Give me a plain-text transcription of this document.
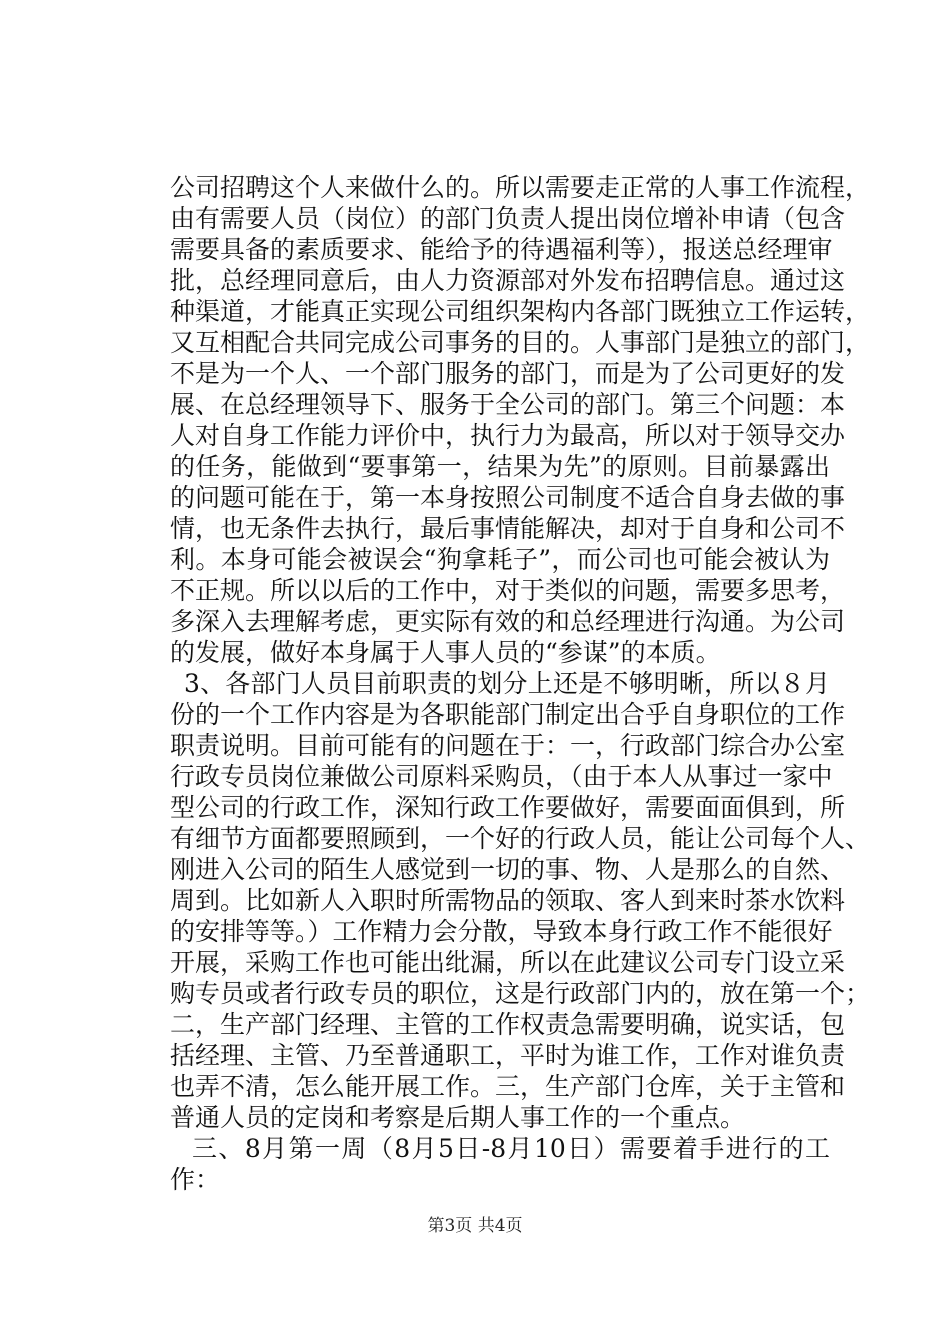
公司招聘这个人来做什么的。所以需要走正常的人事工作流程，
由有需要人员（岗位）的部门负责人提出岗位增补申请（包含
需要具备的素质要求、能给予的待遇福利等），报送总经理审
批，总经理同意后，由人力资源部对外发布招聘信息。通过这
种渠道，才能真正实现公司组织架构内各部门既独立工作运转，
又互相配合共同完成公司事务的目的。人事部门是独立的部门，
不是为一个人、一个部门服务的部门，而是为了公司更好的发
展、在总经理领导下、服务于全公司的部门。第三个问题：本
人对自身工作能力评价中，执行力为最高，所以对于领导交办
的任务，能做到“要事第一，结果为先”的原则。目前暴露出
的问题可能在于，第一本身按照公司制度不适合自身去做的事
情，也无条件去执行，最后事情能解决，却对于自身和公司不
利。本身可能会被误会“狗拿耗子”，而公司也可能会被认为
不正规。所以以后的工作中，对于类似的问题，需要多思考，
多深入去理解考虑，更实际有效的和总经理进行沟通。为公司
的发展，做好本身属于人事人员的“参谋”的本质。
3、各部门人员目前职责的划分上还是不够明晰，所以８月
份的一个工作内容是为各职能部门制定出合乎自身职位的工作
职责说明。目前可能有的问题在于：一，行政部门综合办公室
行政专员岗位兼做公司原料采购员，（由于本人从事过一家中
型公司的行政工作，深知行政工作要做好，需要面面俱到，所
有细节方面都要照顾到，一个好的行政人员，能让公司每个人、
刚进入公司的陌生人感觉到一切的事、物、人是那么的自然、
周到。比如新人入职时所需物品的领取、客人到来时茶水饮料
的安排等等。）工作精力会分散，导致本身行政工作不能很好
开展，采购工作也可能出纰漏，所以在此建议公司专门设立采
购专员或者行政专员的职位，这是行政部门内的，放在第一个；
二，生产部门经理、主管的工作权责急需要明确，说实话，包
括经理、主管、乃至普通职工，平时为谁工作，工作对谁负责
也弄不清，怎么能开展工作。三，生产部门仓库，关于主管和
普通人员的定岗和考察是后期人事工作的一个重点。
三、8月第一周（8月5日-8月10日）需要着手进行的工
作：
第3页 共4页
